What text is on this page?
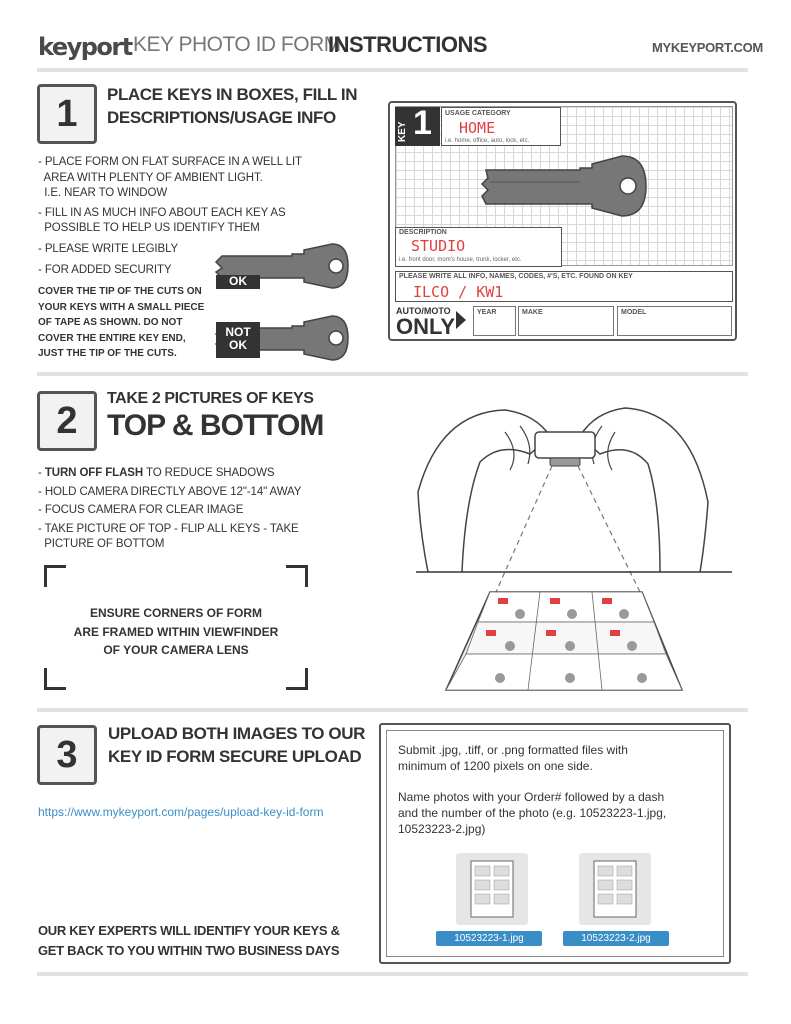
keyport KEY PHOTO ID FORM
INSTRUCTIONS	MYKEYPORT.COM
1	PLACE KEYS IN BOXES, FILL IN
DESCRIPTIONS/USAGE INFO
- PLACE FORM ON FLAT SURFACE IN A WELL LIT
AREA WITH PLENTY OF AMBIENT LIGHT.
I.E. NEAR TO WINDOW
- FILL IN AS MUCH INFO ABOUT EACH KEY AS
POSSIBLE TO HELP US IDENTIFY THEM
- PLEASE WRITE LEGIBLY
- FOR ADDED SECURITY
COVER THE TIP OF THE CUTS ON
YOUR KEYS WITH A SMALL PIECE
OF TAPE AS SHOWN. DO NOT
COVER THE ENTIRE KEY END,
JUST THE TIP OF THE CUTS.
OK
NOT
OK
KEY 1 USAGE CATEGORY
HOME
i.e. home, office, auto, lock, etc.
DESCRIPTION
STUDIO
i.e. front door, mom's house, trunk, locker, etc.
PLEASE WRITE ALL INFO, NAMES, CODES, #'S, ETC. FOUND ON KEY
ILCO / KW1
AUTO/MOTO
ONLY
YEAR	MAKE	MODEL
2
TAKE 2 PICTURES OF KEYS
TOP & BOTTOM
- TURN OFF FLASH TO REDUCE SHADOWS
- HOLD CAMERA DIRECTLY ABOVE 12"-14" AWAY
- FOCUS CAMERA FOR CLEAR IMAGE
- TAKE PICTURE OF TOP - FLIP ALL KEYS - TAKE
PICTURE OF BOTTOM
ENSURE CORNERS OF FORM
ARE FRAMED WITHIN VIEWFINDER
OF YOUR CAMERA LENS
3	UPLOAD BOTH IMAGES TO OUR
KEY ID FORM SECURE UPLOAD
https://www.mykeyport.com/pages/upload-key-id-form
OUR KEY EXPERTS WILL IDENTIFY YOUR KEYS &
GET BACK TO YOU WITHIN TWO BUSINESS DAYS
Submit .jpg, .tiff, or .png formatted files with
minimum of 1200 pixels on one side.
Name photos with your Order# followed by a dash
and the number of the photo (e.g. 10523223-1.jpg,
10523223-2.jpg)
10523223-1.jpg	10523223-2.jpg
